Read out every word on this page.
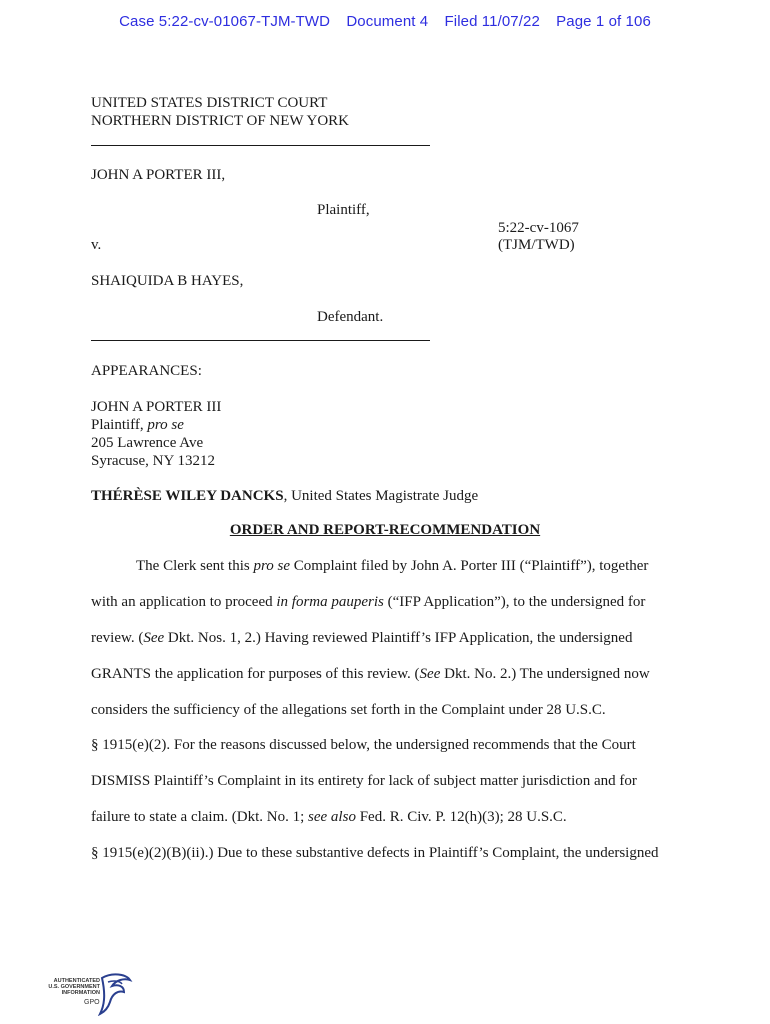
Case 5:22-cv-01067-TJM-TWD Document 4 Filed 11/07/22 Page 1 of 106
UNITED STATES DISTRICT COURT
NORTHERN DISTRICT OF NEW YORK
JOHN A PORTER III,
Plaintiff,
5:22-cv-1067
v.	(TJM/TWD)
SHAIQUIDA B HAYES,
Defendant.
APPEARANCES:
JOHN A PORTER III
Plaintiff, pro se
205 Lawrence Ave
Syracuse, NY 13212
THÉRÈSE WILEY DANCKS, United States Magistrate Judge
ORDER AND REPORT-RECOMMENDATION
The Clerk sent this pro se Complaint filed by John A. Porter III (“Plaintiff”), together
with an application to proceed in forma pauperis (“IFP Application”), to the undersigned for
review. (See Dkt. Nos. 1, 2.) Having reviewed Plaintiff’s IFP Application, the undersigned
GRANTS the application for purposes of this review. (See Dkt. No. 2.) The undersigned now
considers the sufficiency of the allegations set forth in the Complaint under 28 U.S.C.
§ 1915(e)(2). For the reasons discussed below, the undersigned recommends that the Court
DISMISS Plaintiff’s Complaint in its entirety for lack of subject matter jurisdiction and for
failure to state a claim. (Dkt. No. 1; see also Fed. R. Civ. P. 12(h)(3); 28 U.S.C.
§ 1915(e)(2)(B)(ii).) Due to these substantive defects in Plaintiff’s Complaint, the undersigned
AUTHENTICATED
U.S. GOVERNMENT
INFORMATION
GPO
